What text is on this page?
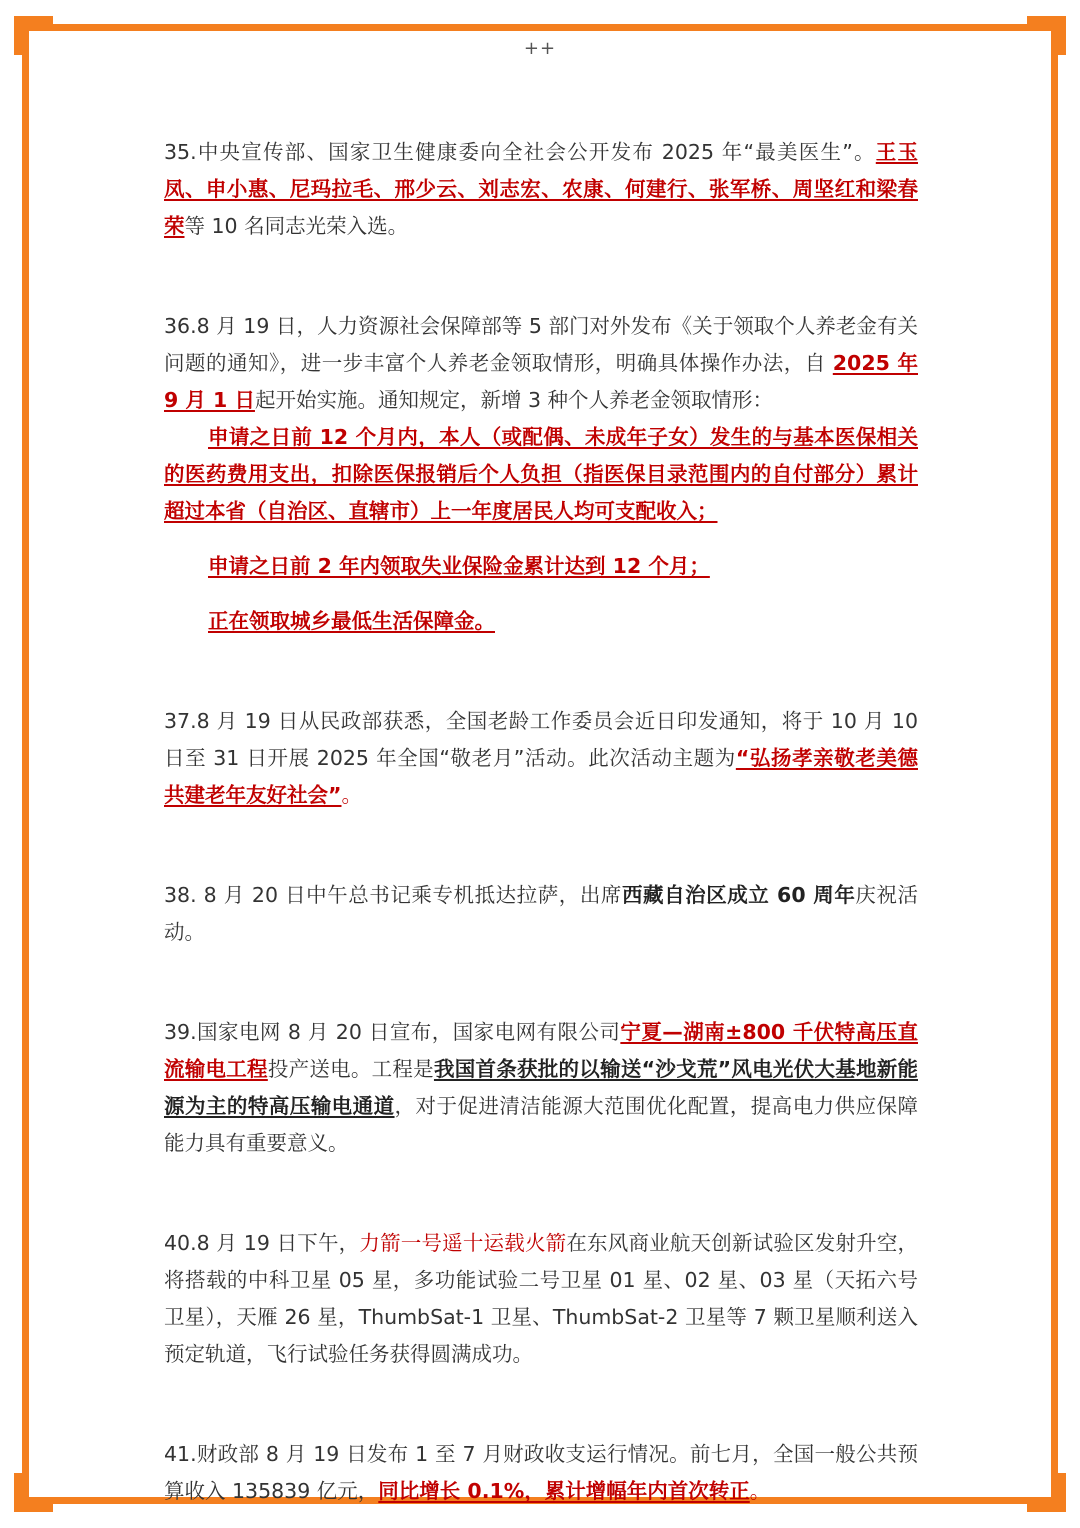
++

35.中央宣传部、国家卫生健康委向全社会公开发布 2025 年“最美医生”。王玉凤、申小惠、尼玛拉毛、邢少云、刘志宏、农康、何建行、张军桥、周坚红和梁春荣等 10 名同志光荣入选。

36.8 月 19 日，人力资源社会保障部等 5 部门对外发布《关于领取个人养老金有关问题的通知》，进一步丰富个人养老金领取情形，明确具体操作办法，自 2025 年 9 月 1 日起开始实施。通知规定，新增 3 种个人养老金领取情形：

申请之日前 12 个月内，本人（或配偶、未成年子女）发生的与基本医保相关的医药费用支出，扣除医保报销后个人负担（指医保目录范围内的自付部分）累计超过本省（自治区、直辖市）上一年度居民人均可支配收入；

申请之日前 2 年内领取失业保险金累计达到 12 个月；

正在领取城乡最低生活保障金。

37.8 月 19 日从民政部获悉，全国老龄工作委员会近日印发通知，将于 10 月 10 日至 31 日开展 2025 年全国“敬老月”活动。此次活动主题为“弘扬孝亲敬老美德 共建老年友好社会”。

38. 8 月 20 日中午总书记乘专机抵达拉萨，出席西藏自治区成立 60 周年庆祝活动。

39.国家电网 8 月 20 日宣布，国家电网有限公司宁夏—湖南±800 千伏特高压直流输电工程投产送电。工程是我国首条获批的以输送“沙戈荒”风电光伏大基地新能源为主的特高压输电通道，对于促进清洁能源大范围优化配置，提高电力供应保障能力具有重要意义。

40.8 月 19 日下午，力箭一号遥十运载火箭在东风商业航天创新试验区发射升空，将搭载的中科卫星 05 星，多功能试验二号卫星 01 星、02 星、03 星（天拓六号卫星），天雁 26 星，ThumbSat-1 卫星、ThumbSat-2 卫星等 7 颗卫星顺利送入预定轨道，飞行试验任务获得圆满成功。

41.财政部 8 月 19 日发布 1 至 7 月财政收支运行情况。前七月，全国一般公共预算收入 135839 亿元，同比增长 0.1%，累计增幅年内首次转正。
